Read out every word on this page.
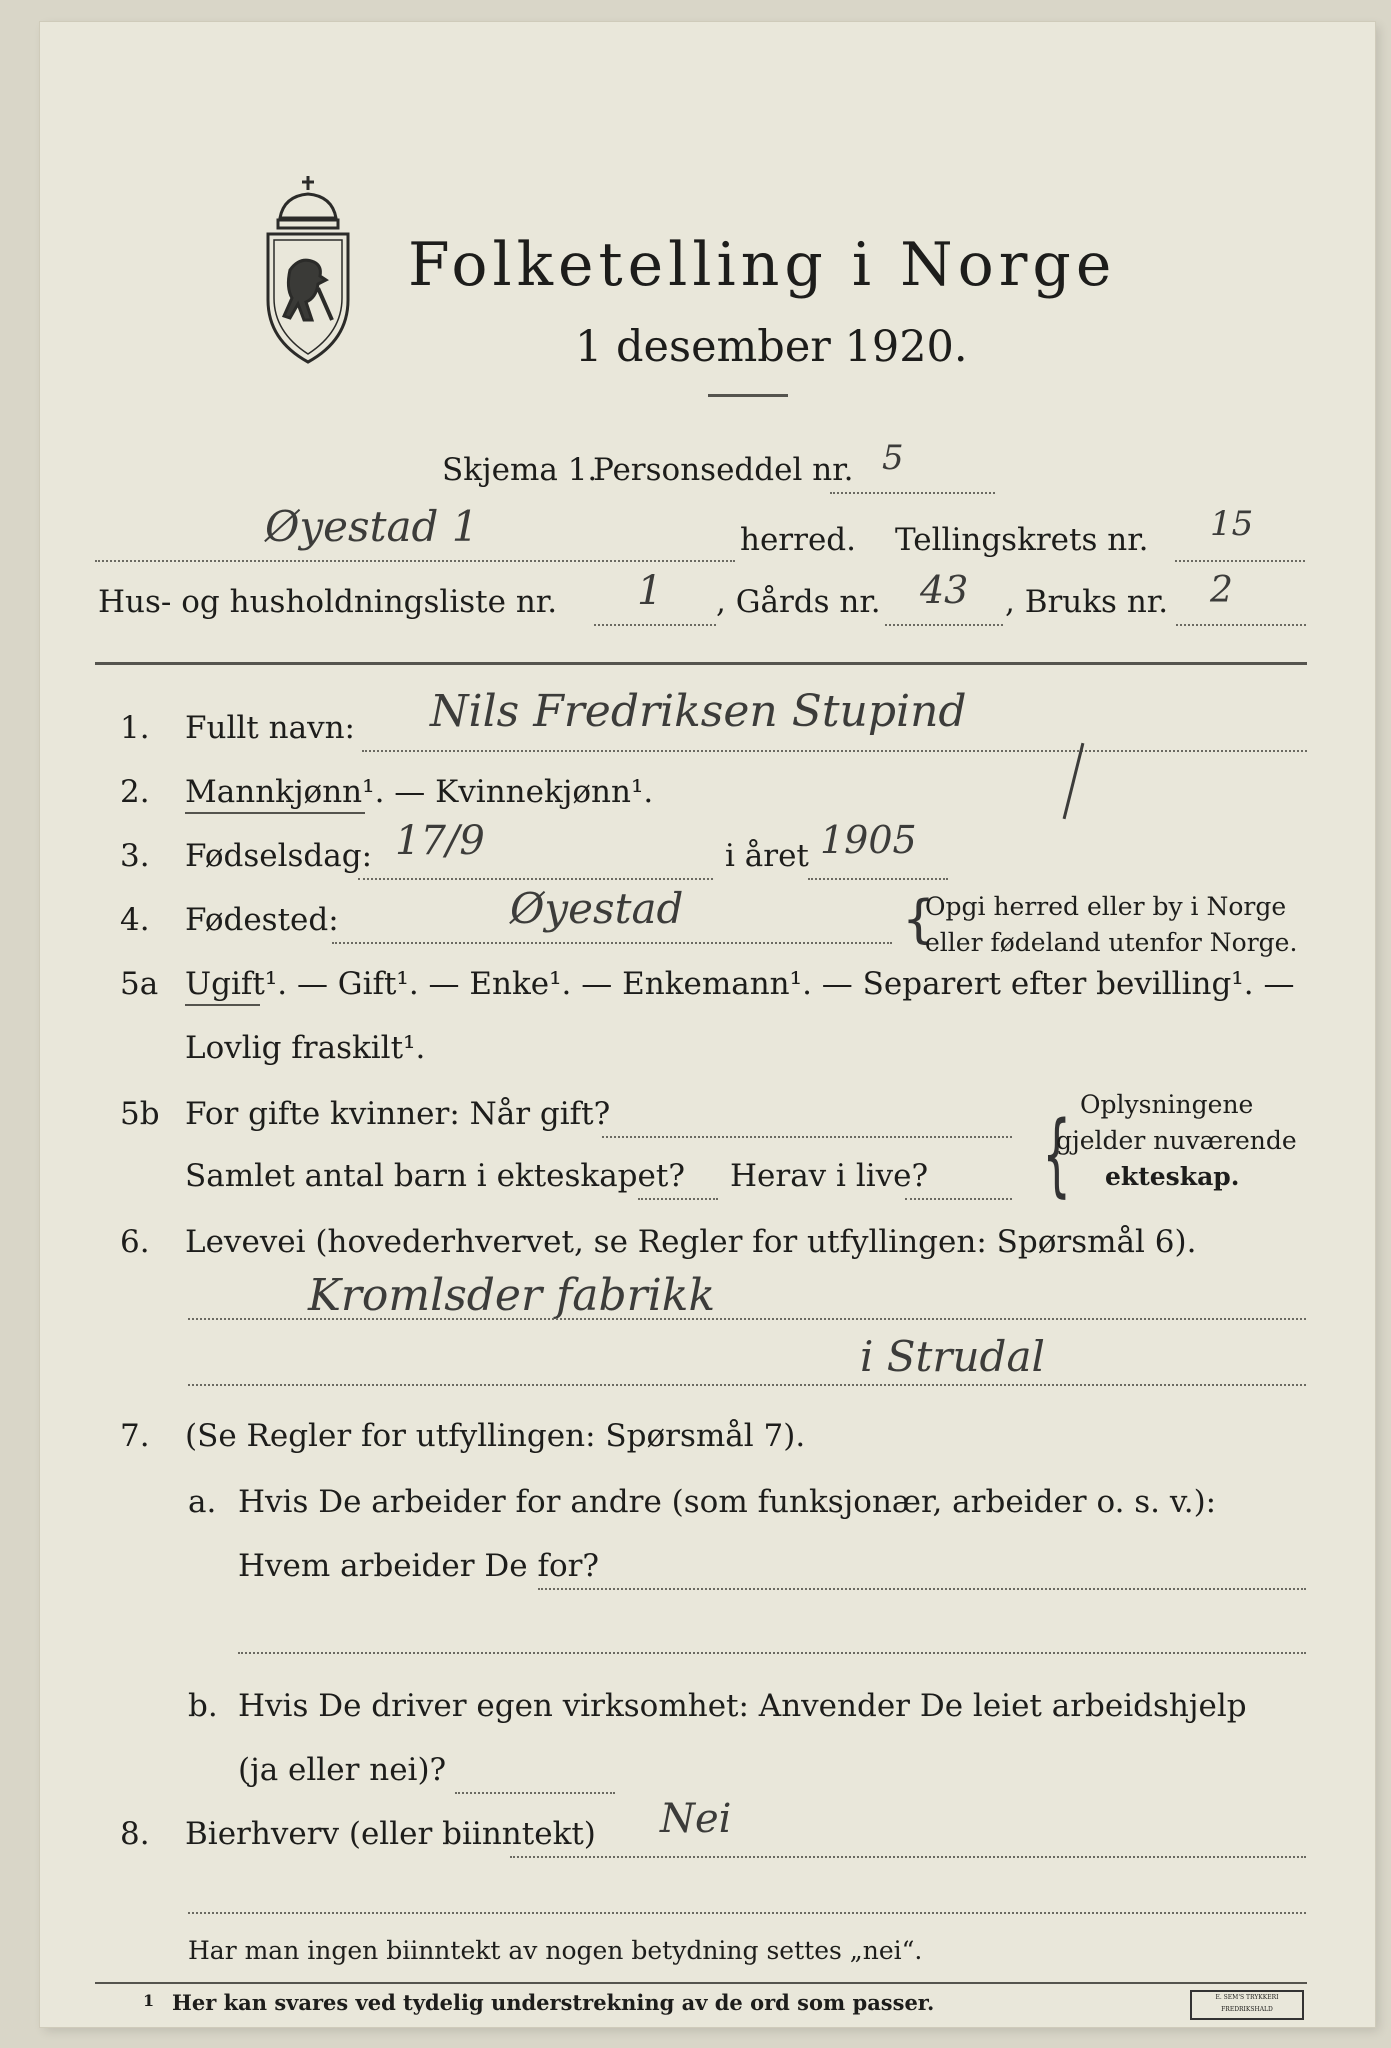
Folketelling i Norge
1 desember 1920.
Skjema 1.
Personseddel nr. 5
Øyestad 1	herred. Tellingskrets nr. 15
Hus- og husholdningsliste nr. 1 , Gårds nr. 43 , Bruks nr. 2
1. Fullt navn: Nils Fredriksen Stupind
2. Mannkjønn¹. — Kvinnekjønn¹.
3. Fødselsdag: 17/9	i året 1905
4. Fødested:	Øyestad	{
Opgi herred eller by i Norge
eller fødeland utenfor Norge.
5a Ugift¹. — Gift¹. — Enke¹. — Enkemann¹. — Separert efter bevilling¹. —
Lovlig fraskilt¹.
5b For gifte kvinner: Når gift?
Samlet antal barn i ekteskapet? Herav i live? { Oplysningene
gjelder nuværende
ekteskap.
6. Levevei (hovederhvervet, se Regler for utfyllingen: Spørsmål 6).
Kromlsder fabrikk
i Strudal
7. (Se Regler for utfyllingen: Spørsmål 7).
a. Hvis De arbeider for andre (som funksjonær, arbeider o. s. v.):
Hvem arbeider De for?
b. Hvis De driver egen virksomhet: Anvender De leiet arbeidshjelp
(ja eller nei)?
8. Bierhverv (eller biinntekt) Nei
Har man ingen biinntekt av nogen betydning settes „nei“.
1 Her kan svares ved tydelig understrekning av de ord som passer.	E. SEM'S TRYKKERI FREDRIKSHALD
